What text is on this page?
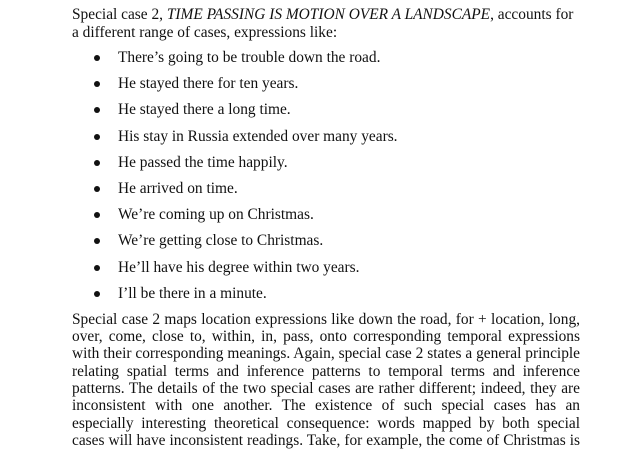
Special case 2, TIME PASSING IS MOTION OVER A LANDSCAPE, accounts for
a different range of cases, expressions like:

There’s going to be trouble down the road.
He stayed there for ten years.
He stayed there a long time.
His stay in Russia extended over many years.
He passed the time happily.
He arrived on time.
We’re coming up on Christmas.
We’re getting close to Christmas.
He’ll have his degree within two years.
I’ll be there in a minute.

Special case 2 maps location expressions like down the road, for + location, long,
over, come, close to, within, in, pass, onto corresponding temporal expressions
with their corresponding meanings. Again, special case 2 states a general principle
relating spatial terms and inference patterns to temporal terms and inference
patterns. The details of the two special cases are rather different; indeed, they are
inconsistent with one another. The existence of such special cases has an
especially interesting theoretical consequence: words mapped by both special
cases will have inconsistent readings. Take, for example, the come of Christmas is
